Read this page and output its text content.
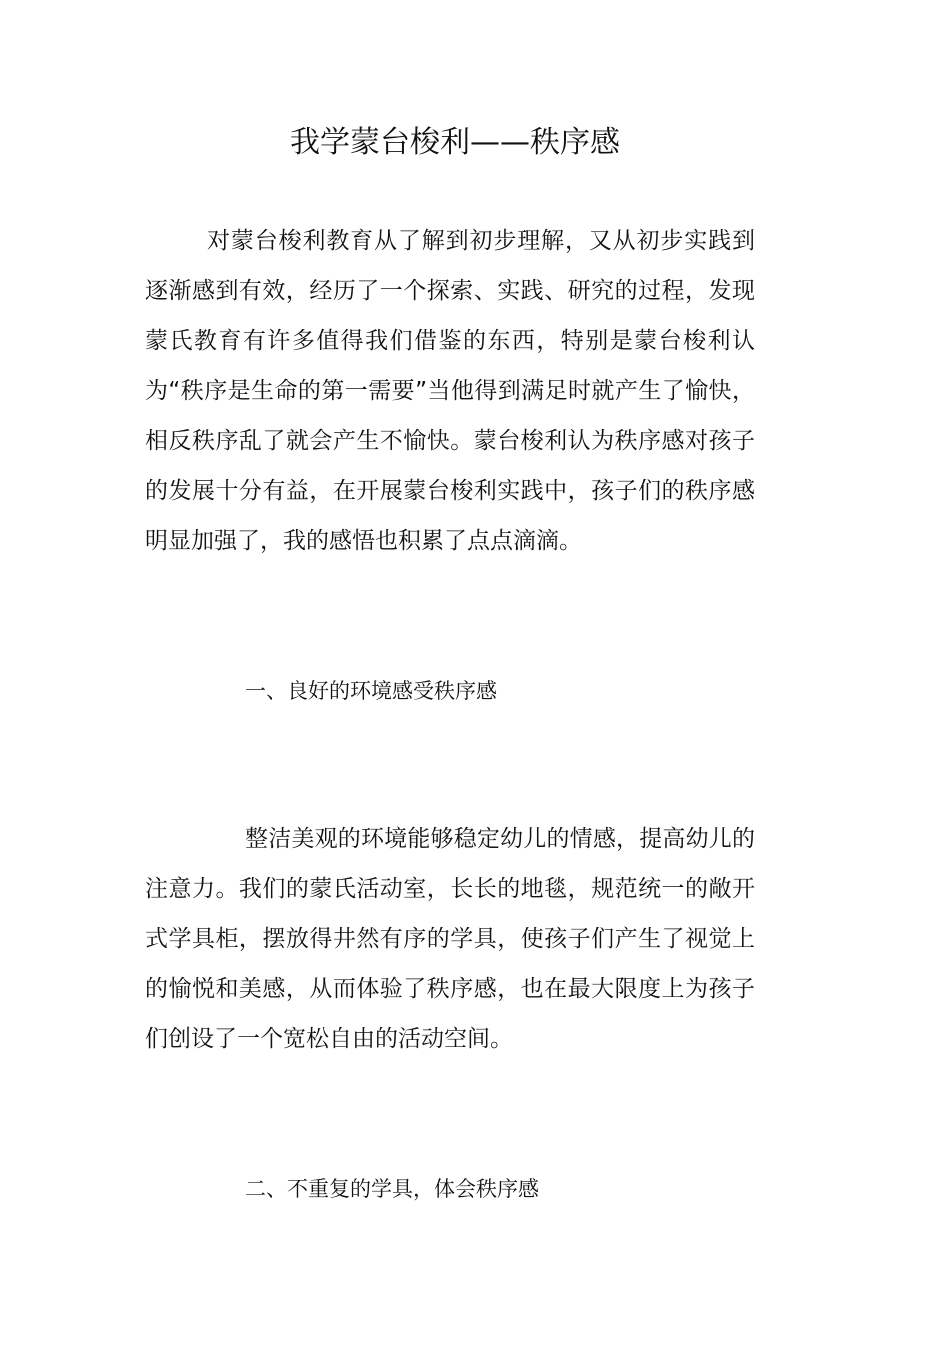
我学蒙台梭利——秩序感

对蒙台梭利教育从了解到初步理解，又从初步实践到逐渐感到有效，经历了一个探索、实践、研究的过程，发现蒙氏教育有许多值得我们借鉴的东西，特别是蒙台梭利认为“秩序是生命的第一需要”当他得到满足时就产生了愉快，相反秩序乱了就会产生不愉快。蒙台梭利认为秩序感对孩子的发展十分有益，在开展蒙台梭利实践中，孩子们的秩序感明显加强了，我的感悟也积累了点点滴滴。

一、良好的环境感受秩序感

整洁美观的环境能够稳定幼儿的情感，提高幼儿的注意力。我们的蒙氏活动室，长长的地毯，规范统一的敞开式学具柜，摆放得井然有序的学具，使孩子们产生了视觉上的愉悦和美感，从而体验了秩序感，也在最大限度上为孩子们创设了一个宽松自由的活动空间。

二、不重复的学具，体会秩序感
